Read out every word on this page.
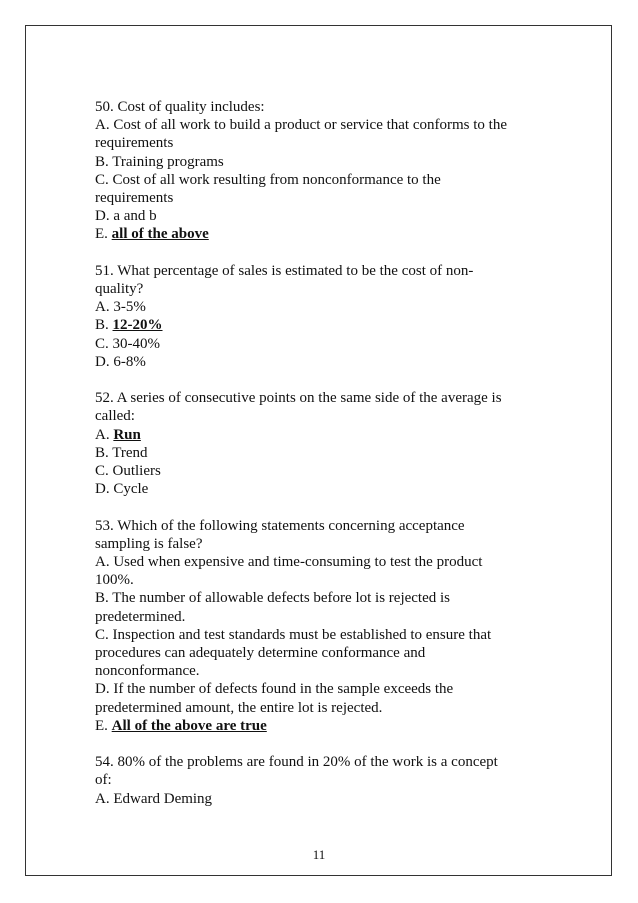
50. Cost of quality includes:
A. Cost of all work to build a product or service that conforms to the
requirements
B. Training programs
C. Cost of all work resulting from nonconformance to the
requirements
D. a and b
E. all of the above
51. What percentage of sales is estimated to be the cost of non-
quality?
A. 3-5%
B. 12-20%
C. 30-40%
D. 6-8%
52. A series of consecutive points on the same side of the average is
called:
A. Run
B. Trend
C. Outliers
D. Cycle
53. Which of the following statements concerning acceptance
sampling is false?
A. Used when expensive and time-consuming to test the product
100%.
B. The number of allowable defects before lot is rejected is
predetermined.
C. Inspection and test standards must be established to ensure that
procedures can adequately determine conformance and
nonconformance.
D. If the number of defects found in the sample exceeds the
predetermined amount, the entire lot is rejected.
E. All of the above are true
54. 80% of the problems are found in 20% of the work is a concept
of:
A. Edward Deming
11
